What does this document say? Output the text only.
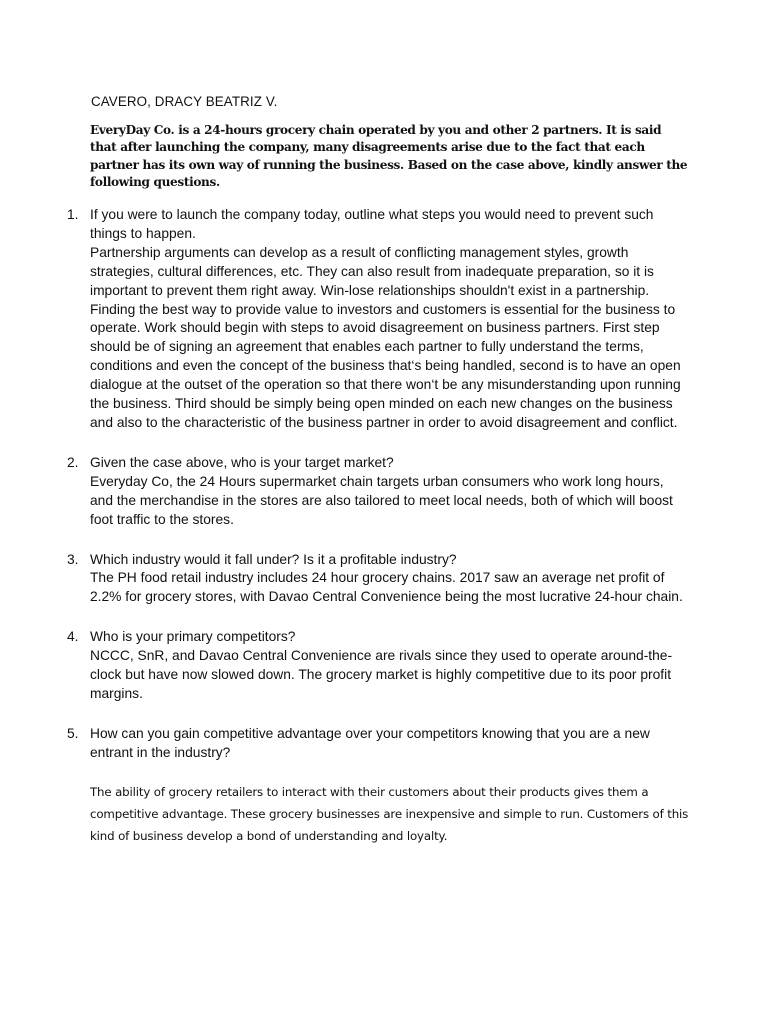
CAVERO, DRACY BEATRIZ V.
EveryDay Co. is a 24-hours grocery chain operated by you and other 2 partners. It is said that after launching the company, many disagreements arise due to the fact that each partner has its own way of running the business. Based on the case above, kindly answer the following questions.
1. If you were to launch the company today, outline what steps you would need to prevent such things to happen.

Partnership arguments can develop as a result of conflicting management styles, growth strategies, cultural differences, etc. They can also result from inadequate preparation, so it is important to prevent them right away. Win-lose relationships shouldn't exist in a partnership. Finding the best way to provide value to investors and customers is essential for the business to operate. Work should begin with steps to avoid disagreement on business partners. First step should be of signing an agreement that enables each partner to fully understand the terms, conditions and even the concept of the business that‘s being handled, second is to have an open dialogue at the outset of the operation so that there won‘t be any misunderstanding upon running the business. Third should be simply being open minded on each new changes on the business and also to the characteristic of the business partner in order to avoid disagreement and conflict.

2. Given the case above, who is your target market?

Everyday Co, the 24 Hours supermarket chain targets urban consumers who work long hours, and the merchandise in the stores are also tailored to meet local needs, both of which will boost foot traffic to the stores.

3. Which industry would it fall under? Is it a profitable industry?

The PH food retail industry includes 24 hour grocery chains. 2017 saw an average net profit of 2.2% for grocery stores, with Davao Central Convenience being the most lucrative 24-hour chain.

4. Who is your primary competitors?

NCCC, SnR, and Davao Central Convenience are rivals since they used to operate around-the-clock but have now slowed down. The grocery market is highly competitive due to its poor profit margins.

5. How can you gain competitive advantage over your competitors knowing that you are a new entrant in the industry?

The ability of grocery retailers to interact with their customers about their products gives them a competitive advantage. These grocery businesses are inexpensive and simple to run. Customers of this kind of business develop a bond of understanding and loyalty.
